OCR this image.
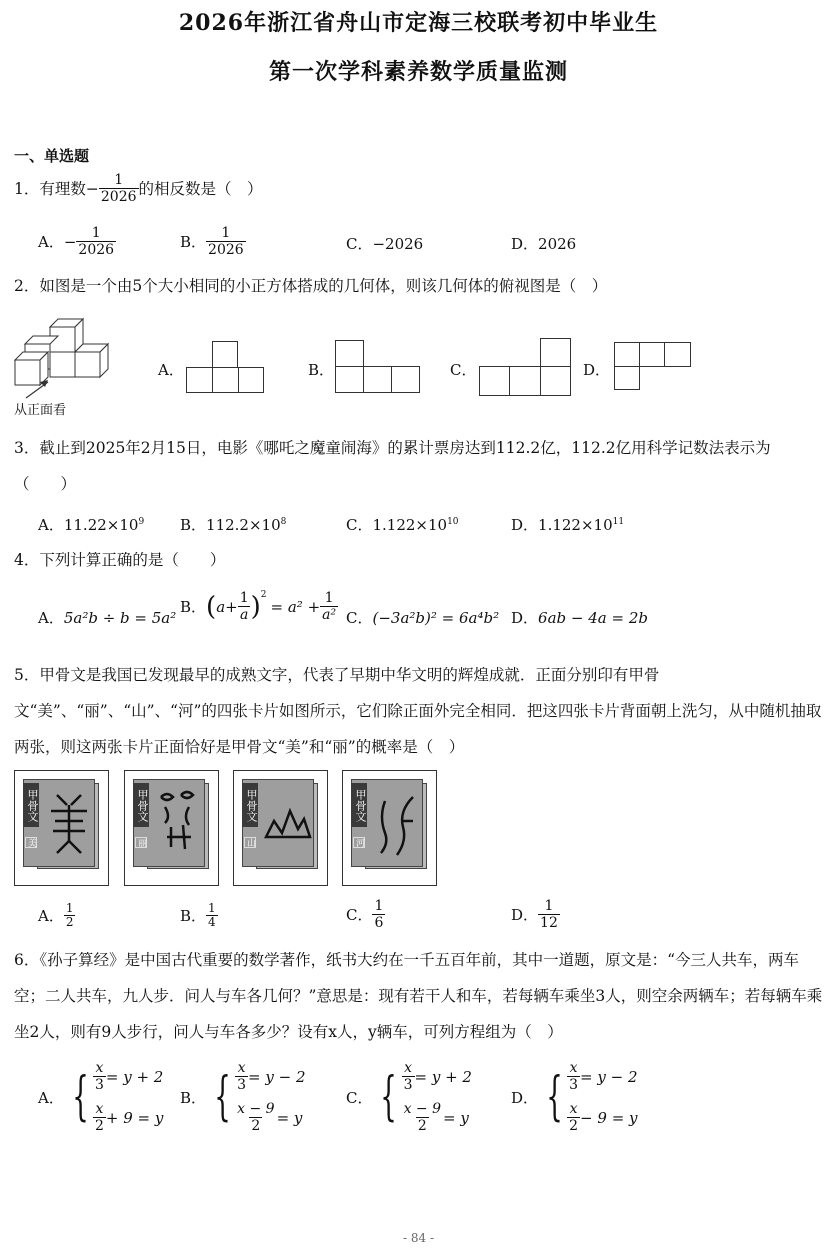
2026年浙江省舟山市定海三校联考初中毕业生
第一次学科素养数学质量监测
一、单选题
1．有理数 − $\frac{1}{2026}$ 的相反数是（　）
A． − $\frac{1}{2026}$	B． $\frac{1}{2026}$	C．−2026	D．2026
2．如图是一个由5个大小相同的小正方体搭成的几何体，则该几何体的俯视图是（　）
从正面看
A．	B．	C．	D．
3．截止到2025年2月15日，电影《哪吒之魔童闹海》的累计票房达到112.2亿，112.2亿用科学记数法表示为（　　）
A．$11.22\times 10^9$ B．$112.2\times 10^8$	C．$1.122\times 10^{10}$	D．$1.122\times 10^{11}$
4．下列计算正确的是（　　）
A．5a²b ÷ b = 5a²
B． ( $a+ \frac{1}{a} )^2$
= $a^2 + \frac{1}{\text{a²}}$ C．(−3a²b)² = 6a⁴b² D．6ab − 4a = 2b
5．甲骨文是我国已发现最早的成熟文字，代表了早期中华文明的辉煌成就．正面分别印有甲骨文“美”、“丽”、“山”、“河”的四张卡片如图所示，它们除正面外完全相同．把这四张卡片背面朝上洗匀，从中随机抽取两张，则这两张卡片正面恰好是甲骨文“美”和“丽”的概率是（　）
甲骨文
美
甲骨文
丽
甲骨文
山
甲骨文
河
A． $\frac{1}{2}$	B． $\frac{1}{4}$	C． $\frac{1}{6}$	D． $\frac{1}{12}$
6．《孙子算经》是中国古代重要的数学著作，纸书大约在一千五百年前，其中一道题，原文是：“今三人共车，两车空；二人共车，九人步．问人与车各几何？”意思是：现有若干人和车，若每辆车乘坐3人，则空余两辆车；若每辆车乘坐2人，则有9人步行，问人与车各多少？设有x人，y辆车，可列方程组为（　）
A． { $\frac{x}{3} = y + 2$
$\frac{x}{2} + 9 = y$
B． { $\frac{x}{3} = y - 2$
$\frac{x - 9}{2} = y$
C． { $\frac{x}{3} = y + 2$
$\frac{x - 9}{2} = y$
D． { $\frac{x}{3} = y - 2$
$\frac{x}{2} - 9 = y$
- 84 -
